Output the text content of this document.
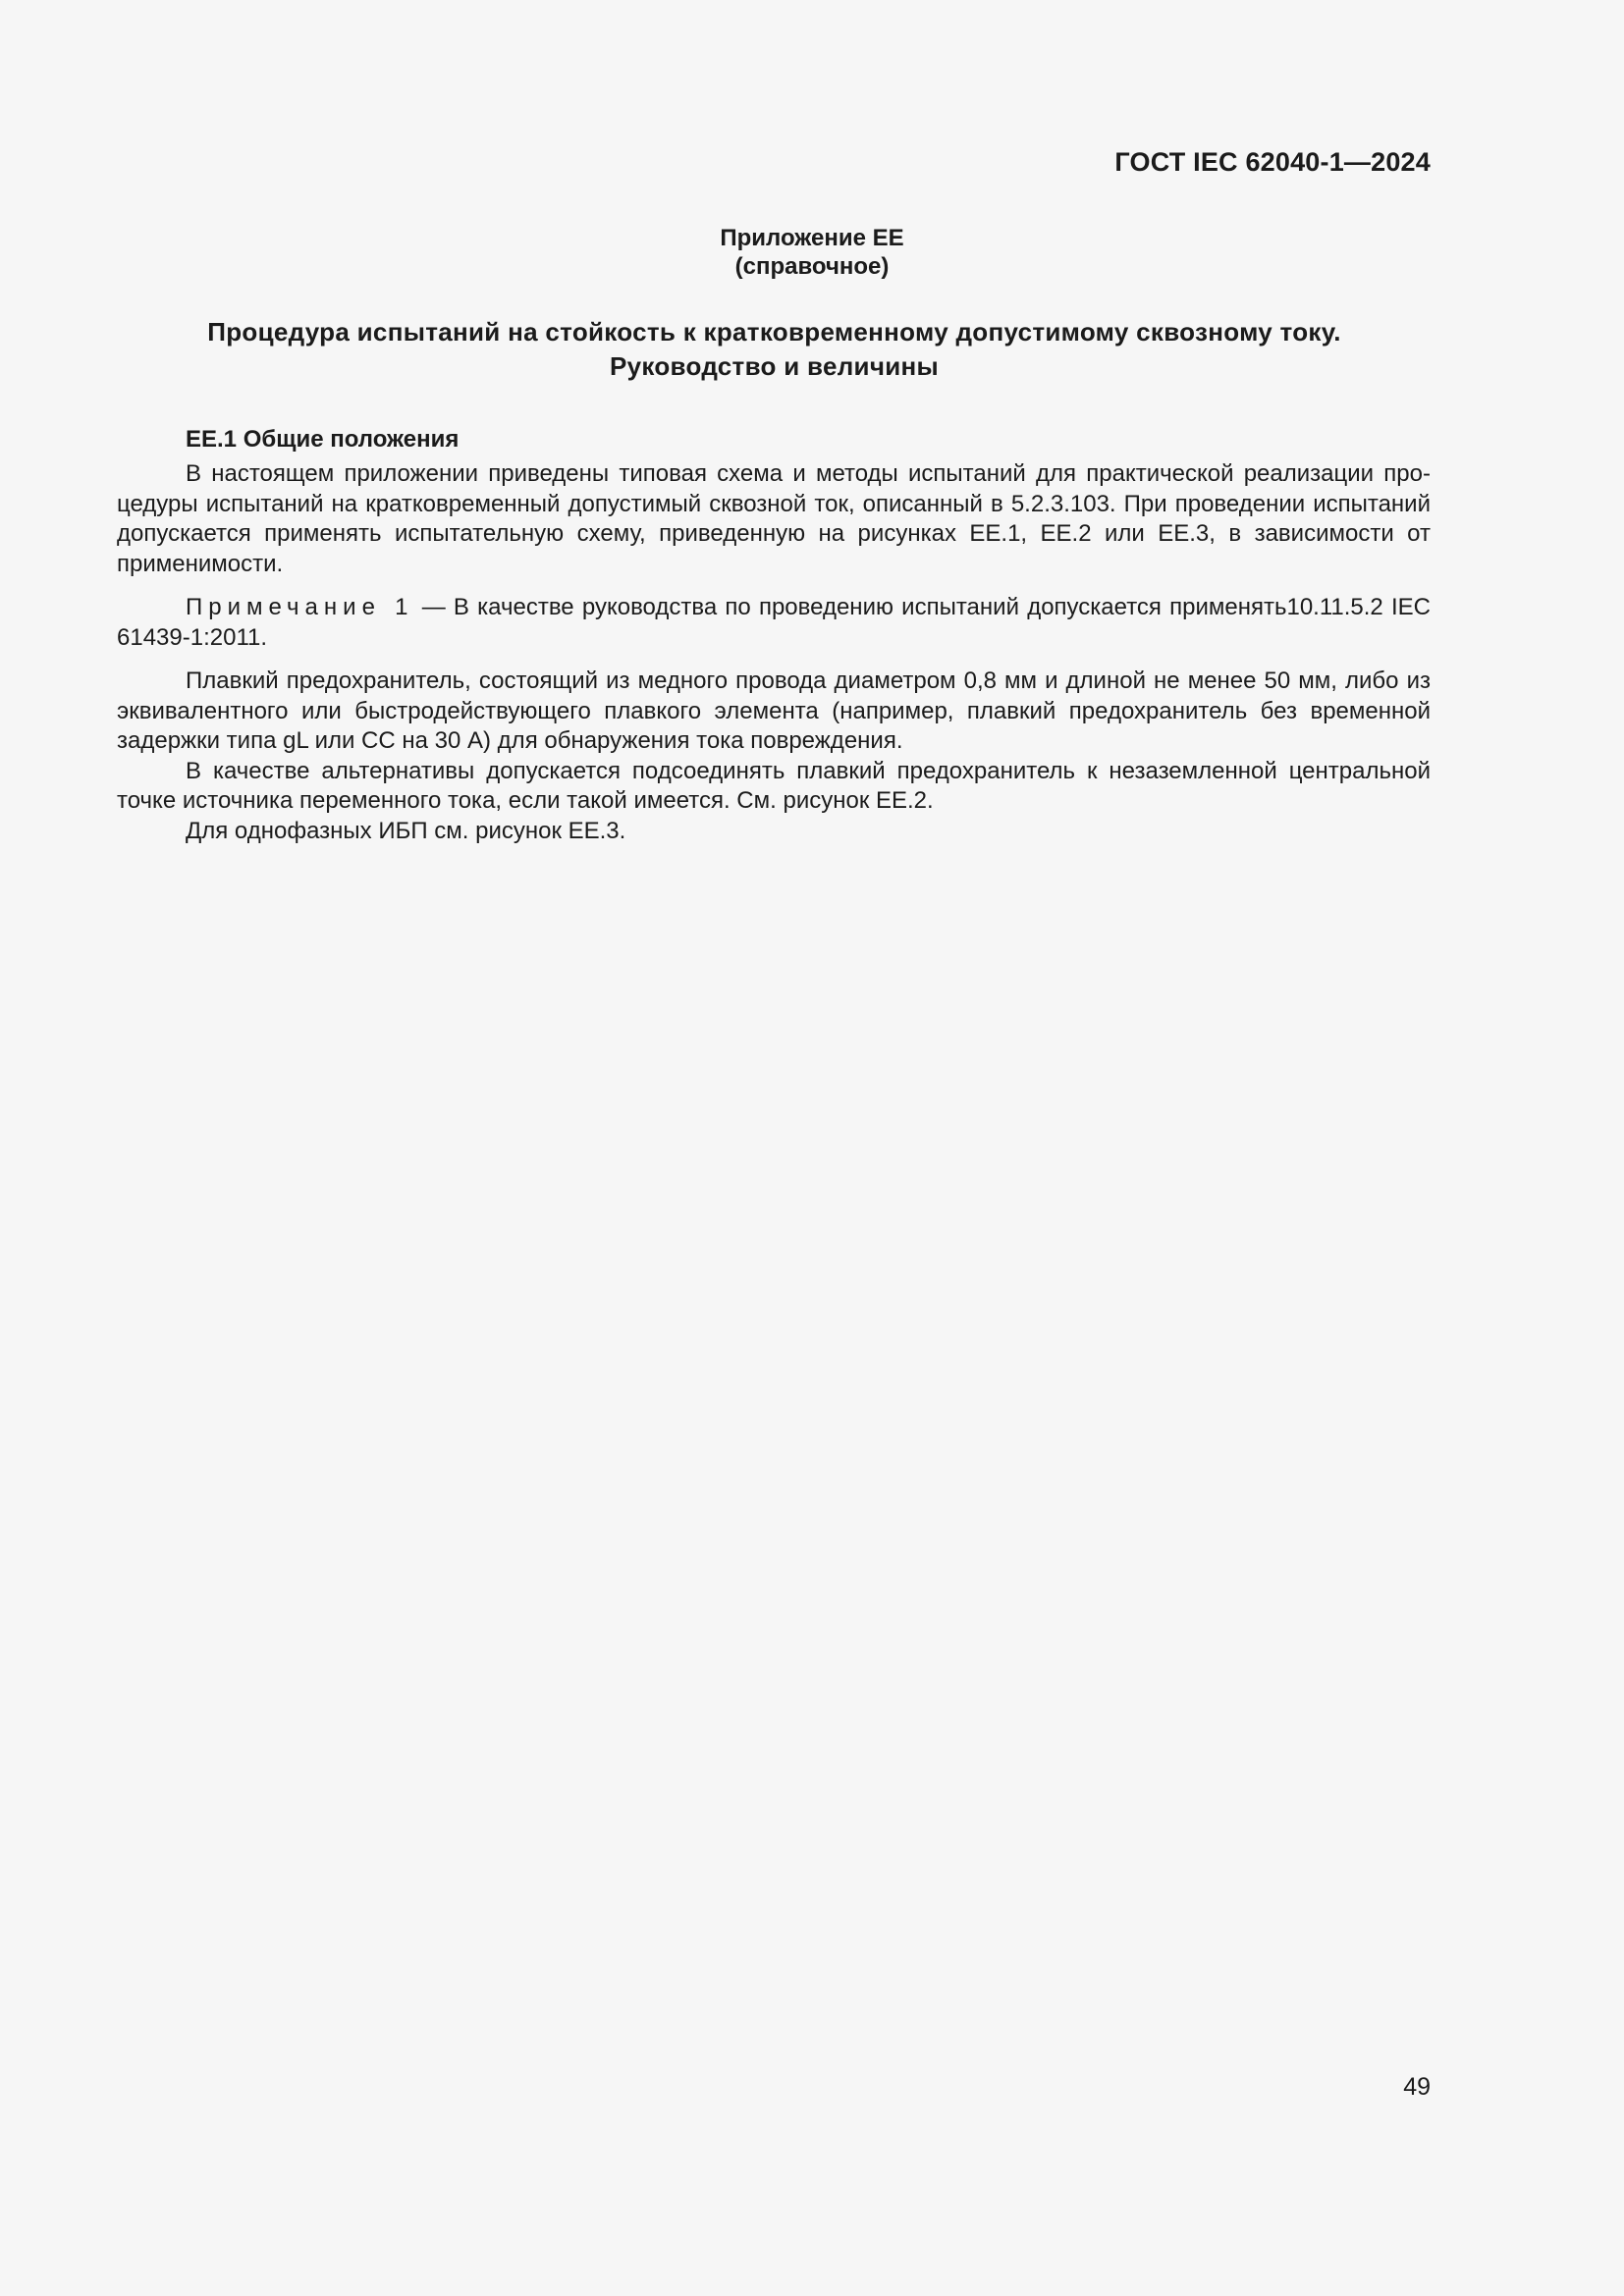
ГОСТ IEC 62040-1—2024
Приложение ЕЕ
(справочное)
Процедура испытаний на стойкость к кратковременному допустимому сквозному току.
Руководство и величины
ЕЕ.1 Общие положения

В настоящем приложении приведены типовая схема и методы испытаний для практической реализации процедуры испытаний на кратковременный допустимый сквозной ток, описанный в 5.2.3.103. При проведении испытаний допускается применять испытательную схему, приведенную на рисунках ЕЕ.1, ЕЕ.2 или ЕЕ.3, в зависимости от применимости.

Примечание 1 — В качестве руководства по проведению испытаний допускается применять10.11.5.2 IEC 61439-1:2011.

Плавкий предохранитель, состоящий из медного провода диаметром 0,8 мм и длиной не менее 50 мм, либо из эквивалентного или быстродействующего плавкого элемента (например, плавкий предохранитель без временной задержки типа gL или CC на 30 А) для обнаружения тока повреждения.

В качестве альтернативы допускается подсоединять плавкий предохранитель к незаземленной центральной точке источника переменного тока, если такой имеется. См. рисунок ЕЕ.2.

Для однофазных ИБП см. рисунок ЕЕ.3.

49
